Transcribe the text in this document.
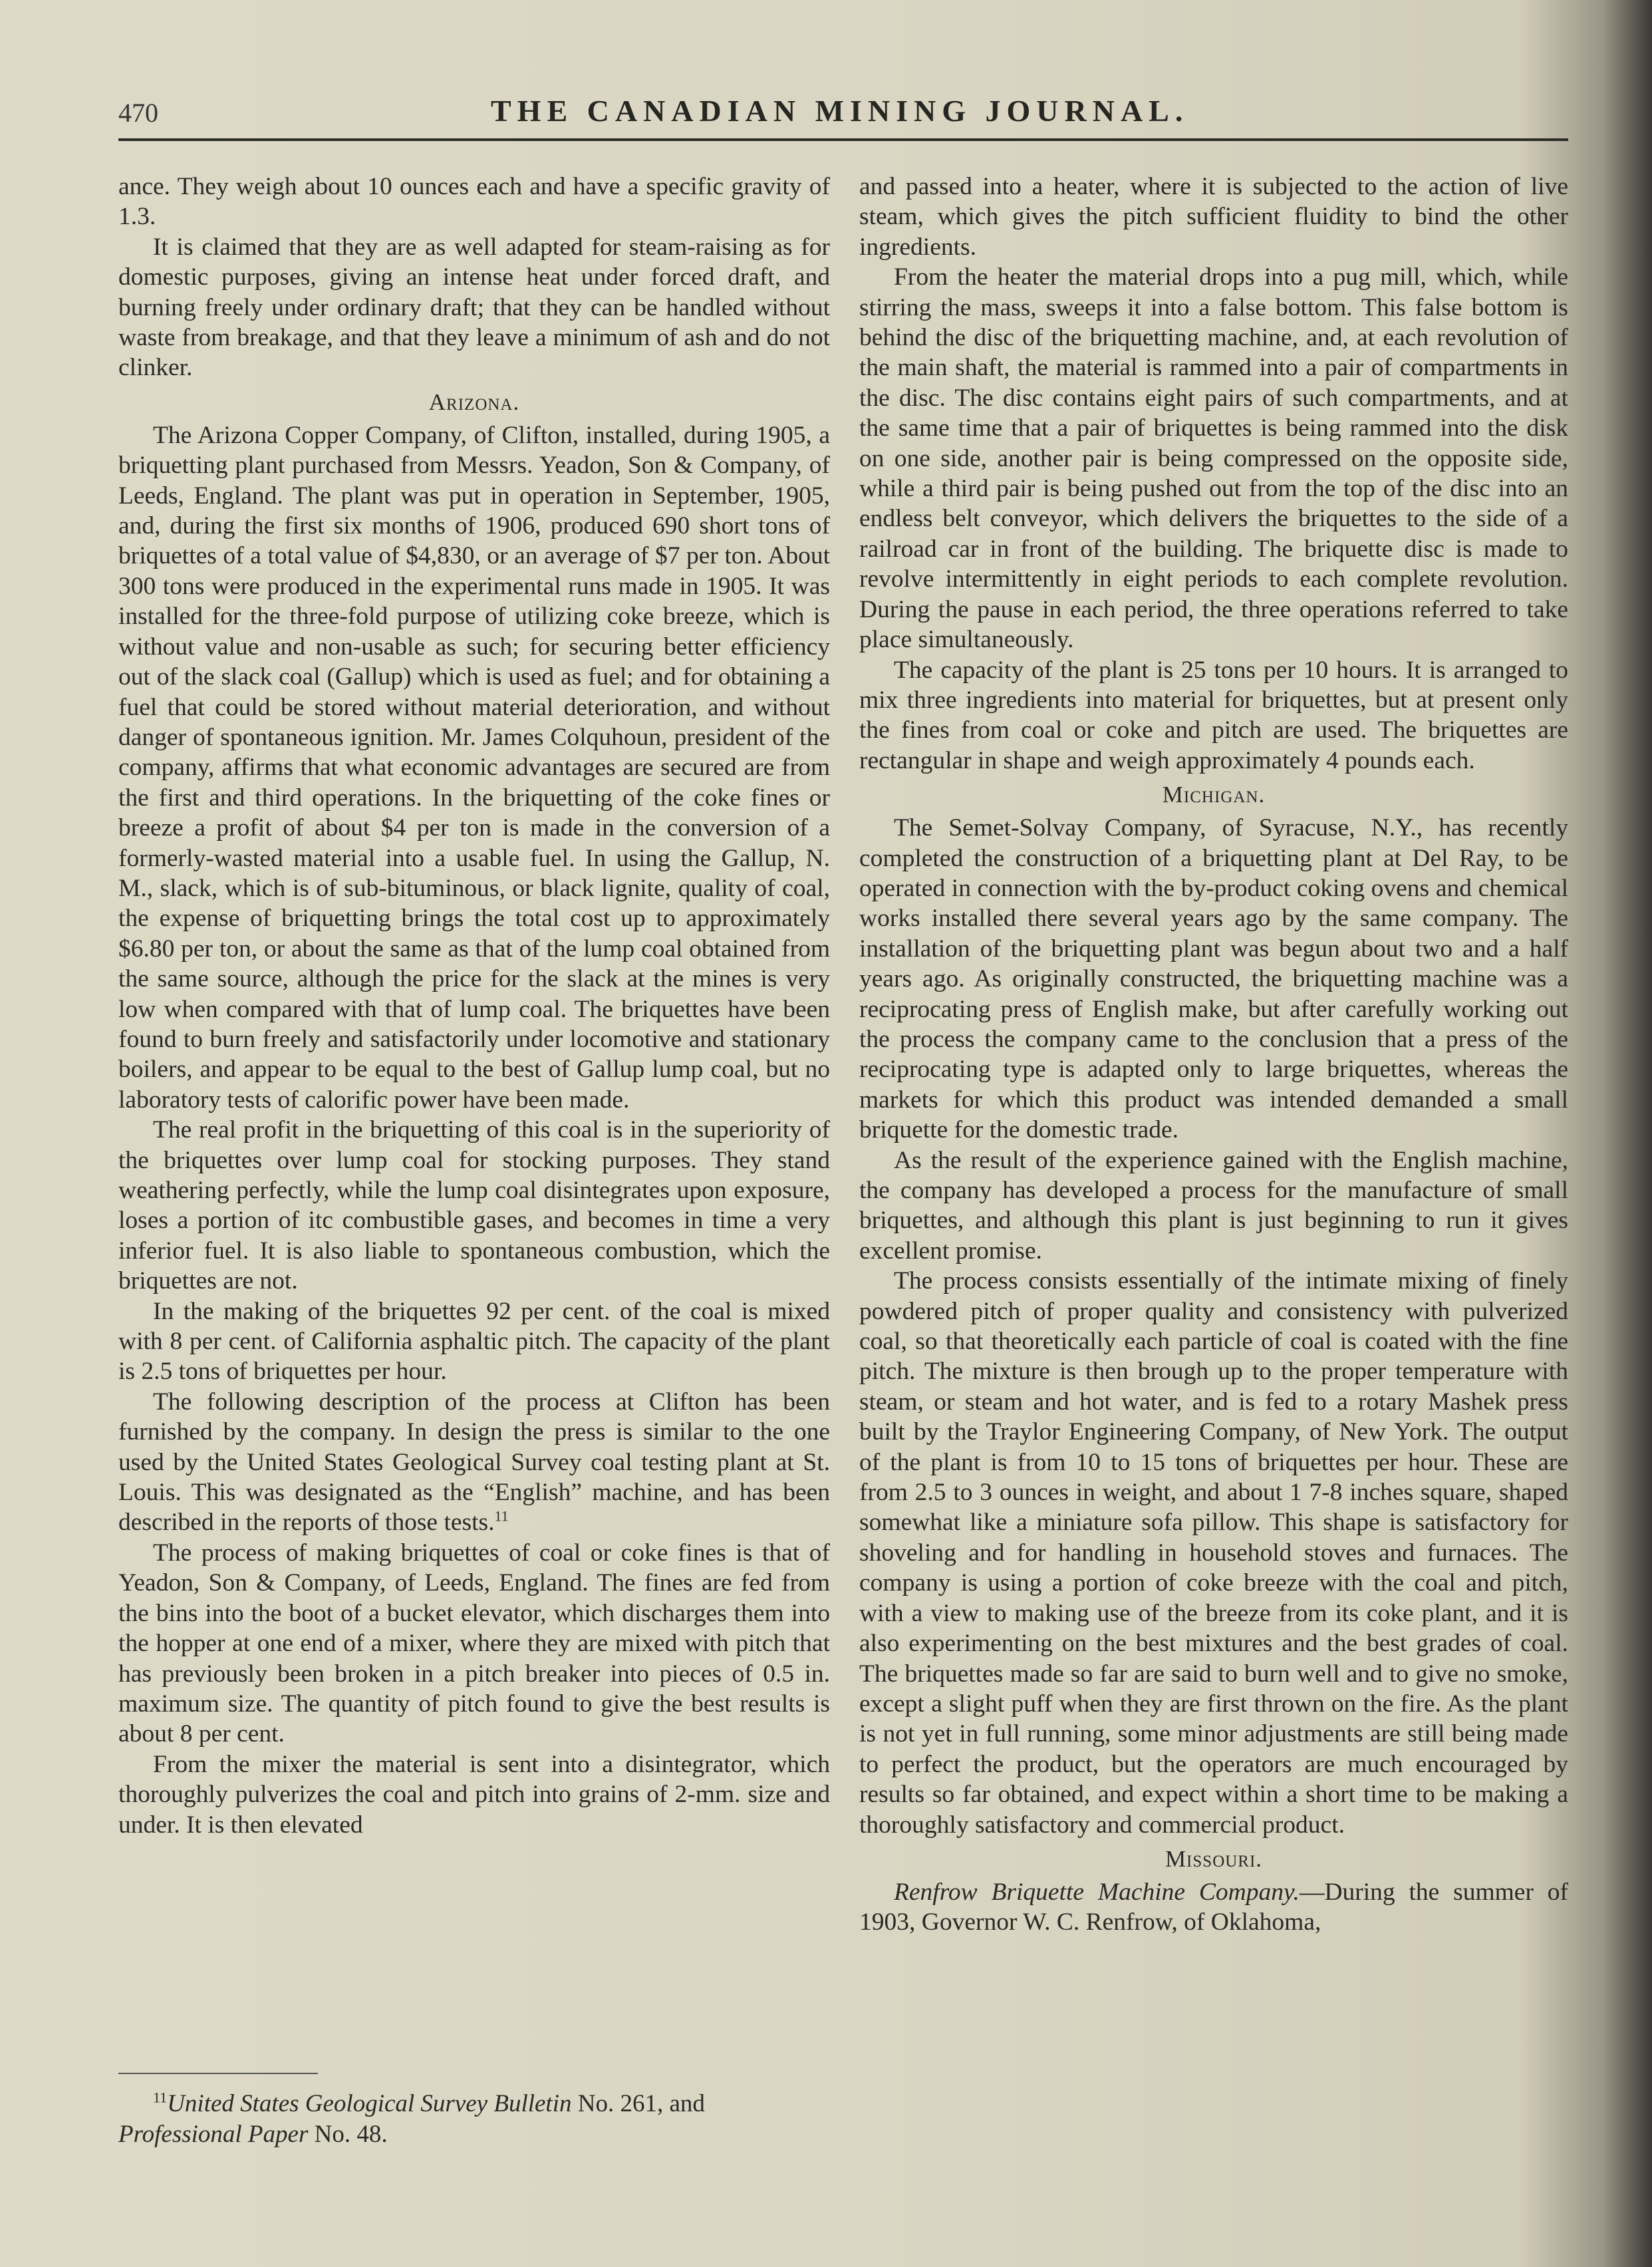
470	THE CANADIAN MINING JOURNAL.

ance. They weigh about 10 ounces each and have a specific gravity of 1.3.

It is claimed that they are as well adapted for steam-raising as for domestic purposes, giving an intense heat under forced draft, and burning freely under ordinary draft; that they can be handled without waste from breakage, and that they leave a minimum of ash and do not clinker.

Arizona.

The Arizona Copper Company, of Clifton, installed, during 1905, a briquetting plant purchased from Messrs. Yeadon, Son & Company, of Leeds, England. The plant was put in operation in September, 1905, and, during the first six months of 1906, produced 690 short tons of briquettes of a total value of $4,830, or an average of $7 per ton. About 300 tons were produced in the experimental runs made in 1905. It was installed for the three-fold purpose of utilizing coke breeze, which is without value and non-usable as such; for securing better efficiency out of the slack coal (Gallup) which is used as fuel; and for obtaining a fuel that could be stored without material deterioration, and without danger of spontaneous ignition. Mr. James Colquhoun, president of the company, affirms that what economic advantages are secured are from the first and third operations. In the briquetting of the coke fines or breeze a profit of about $4 per ton is made in the conversion of a formerly-wasted material into a usable fuel. In using the Gallup, N. M., slack, which is of sub-bituminous, or black lignite, quality of coal, the expense of briquetting brings the total cost up to approximately $6.80 per ton, or about the same as that of the lump coal obtained from the same source, although the price for the slack at the mines is very low when compared with that of lump coal. The briquettes have been found to burn freely and satisfactorily under locomotive and stationary boilers, and appear to be equal to the best of Gallup lump coal, but no laboratory tests of calorific power have been made.

The real profit in the briquetting of this coal is in the superiority of the briquettes over lump coal for stocking purposes. They stand weathering perfectly, while the lump coal disintegrates upon exposure, loses a portion of itc combustible gases, and becomes in time a very inferior fuel. It is also liable to spontaneous combustion, which the briquettes are not.

In the making of the briquettes 92 per cent. of the coal is mixed with 8 per cent. of California asphaltic pitch. The capacity of the plant is 2.5 tons of briquettes per hour.

The following description of the process at Clifton has been furnished by the company. In design the press is similar to the one used by the United States Geological Survey coal testing plant at St. Louis. This was designated as the “English” machine, and has been described in the reports of those tests.$^{11}$

The process of making briquettes of coal or coke fines is that of Yeadon, Son & Company, of Leeds, England. The fines are fed from the bins into the boot of a bucket elevator, which discharges them into the hopper at one end of a mixer, where they are mixed with pitch that has previously been broken in a pitch breaker into pieces of 0.5 in. maximum size. The quantity of pitch found to give the best results is about 8 per cent.

From the mixer the material is sent into a disintegrator, which thoroughly pulverizes the coal and pitch into grains of 2-mm. size and under. It is then elevated

$^{11}$United States Geological Survey Bulletin No. 261, and Professional Paper No. 48.

and passed into a heater, where it is subjected to the action of live steam, which gives the pitch sufficient fluidity to bind the other ingredients.

From the heater the material drops into a pug mill, which, while stirring the mass, sweeps it into a false bottom. This false bottom is behind the disc of the briquetting machine, and, at each revolution of the main shaft, the material is rammed into a pair of compartments in the disc. The disc contains eight pairs of such compartments, and at the same time that a pair of briquettes is being rammed into the disk on one side, another pair is being compressed on the opposite side, while a third pair is being pushed out from the top of the disc into an endless belt conveyor, which delivers the briquettes to the side of a railroad car in front of the building. The briquette disc is made to revolve intermittently in eight periods to each complete revolution. During the pause in each period, the three operations referred to take place simultaneously.

The capacity of the plant is 25 tons per 10 hours. It is arranged to mix three ingredients into material for briquettes, but at present only the fines from coal or coke and pitch are used. The briquettes are rectangular in shape and weigh approximately 4 pounds each.

Michigan.

The Semet-Solvay Company, of Syracuse, N.Y., has recently completed the construction of a briquetting plant at Del Ray, to be operated in connection with the by-product coking ovens and chemical works installed there several years ago by the same company. The installation of the briquetting plant was begun about two and a half years ago. As originally constructed, the briquetting machine was a reciprocating press of English make, but after carefully working out the process the company came to the conclusion that a press of the reciprocating type is adapted only to large briquettes, whereas the markets for which this product was intended demanded a small briquette for the domestic trade.

As the result of the experience gained with the English machine, the company has developed a process for the manufacture of small briquettes, and although this plant is just beginning to run it gives excellent promise.

The process consists essentially of the intimate mixing of finely powdered pitch of proper quality and consistency with pulverized coal, so that theoretically each particle of coal is coated with the fine pitch. The mixture is then brough up to the proper temperature with steam, or steam and hot water, and is fed to a rotary Mashek press built by the Traylor Engineering Company, of New York. The output of the plant is from 10 to 15 tons of briquettes per hour. These are from 2.5 to 3 ounces in weight, and about 1 7-8 inches square, shaped somewhat like a miniature sofa pillow. This shape is satisfactory for shoveling and for handling in household stoves and furnaces. The company is using a portion of coke breeze with the coal and pitch, with a view to making use of the breeze from its coke plant, and it is also experimenting on the best mixtures and the best grades of coal. The briquettes made so far are said to burn well and to give no smoke, except a slight puff when they are first thrown on the fire. As the plant is not yet in full running, some minor adjustments are still being made to perfect the product, but the operators are much encouraged by results so far obtained, and expect within a short time to be making a thoroughly satisfactory and commercial product.

Missouri.

Renfrow Briquette Machine Company.—During the summer of 1903, Governor W. C. Renfrow, of Oklahoma,
